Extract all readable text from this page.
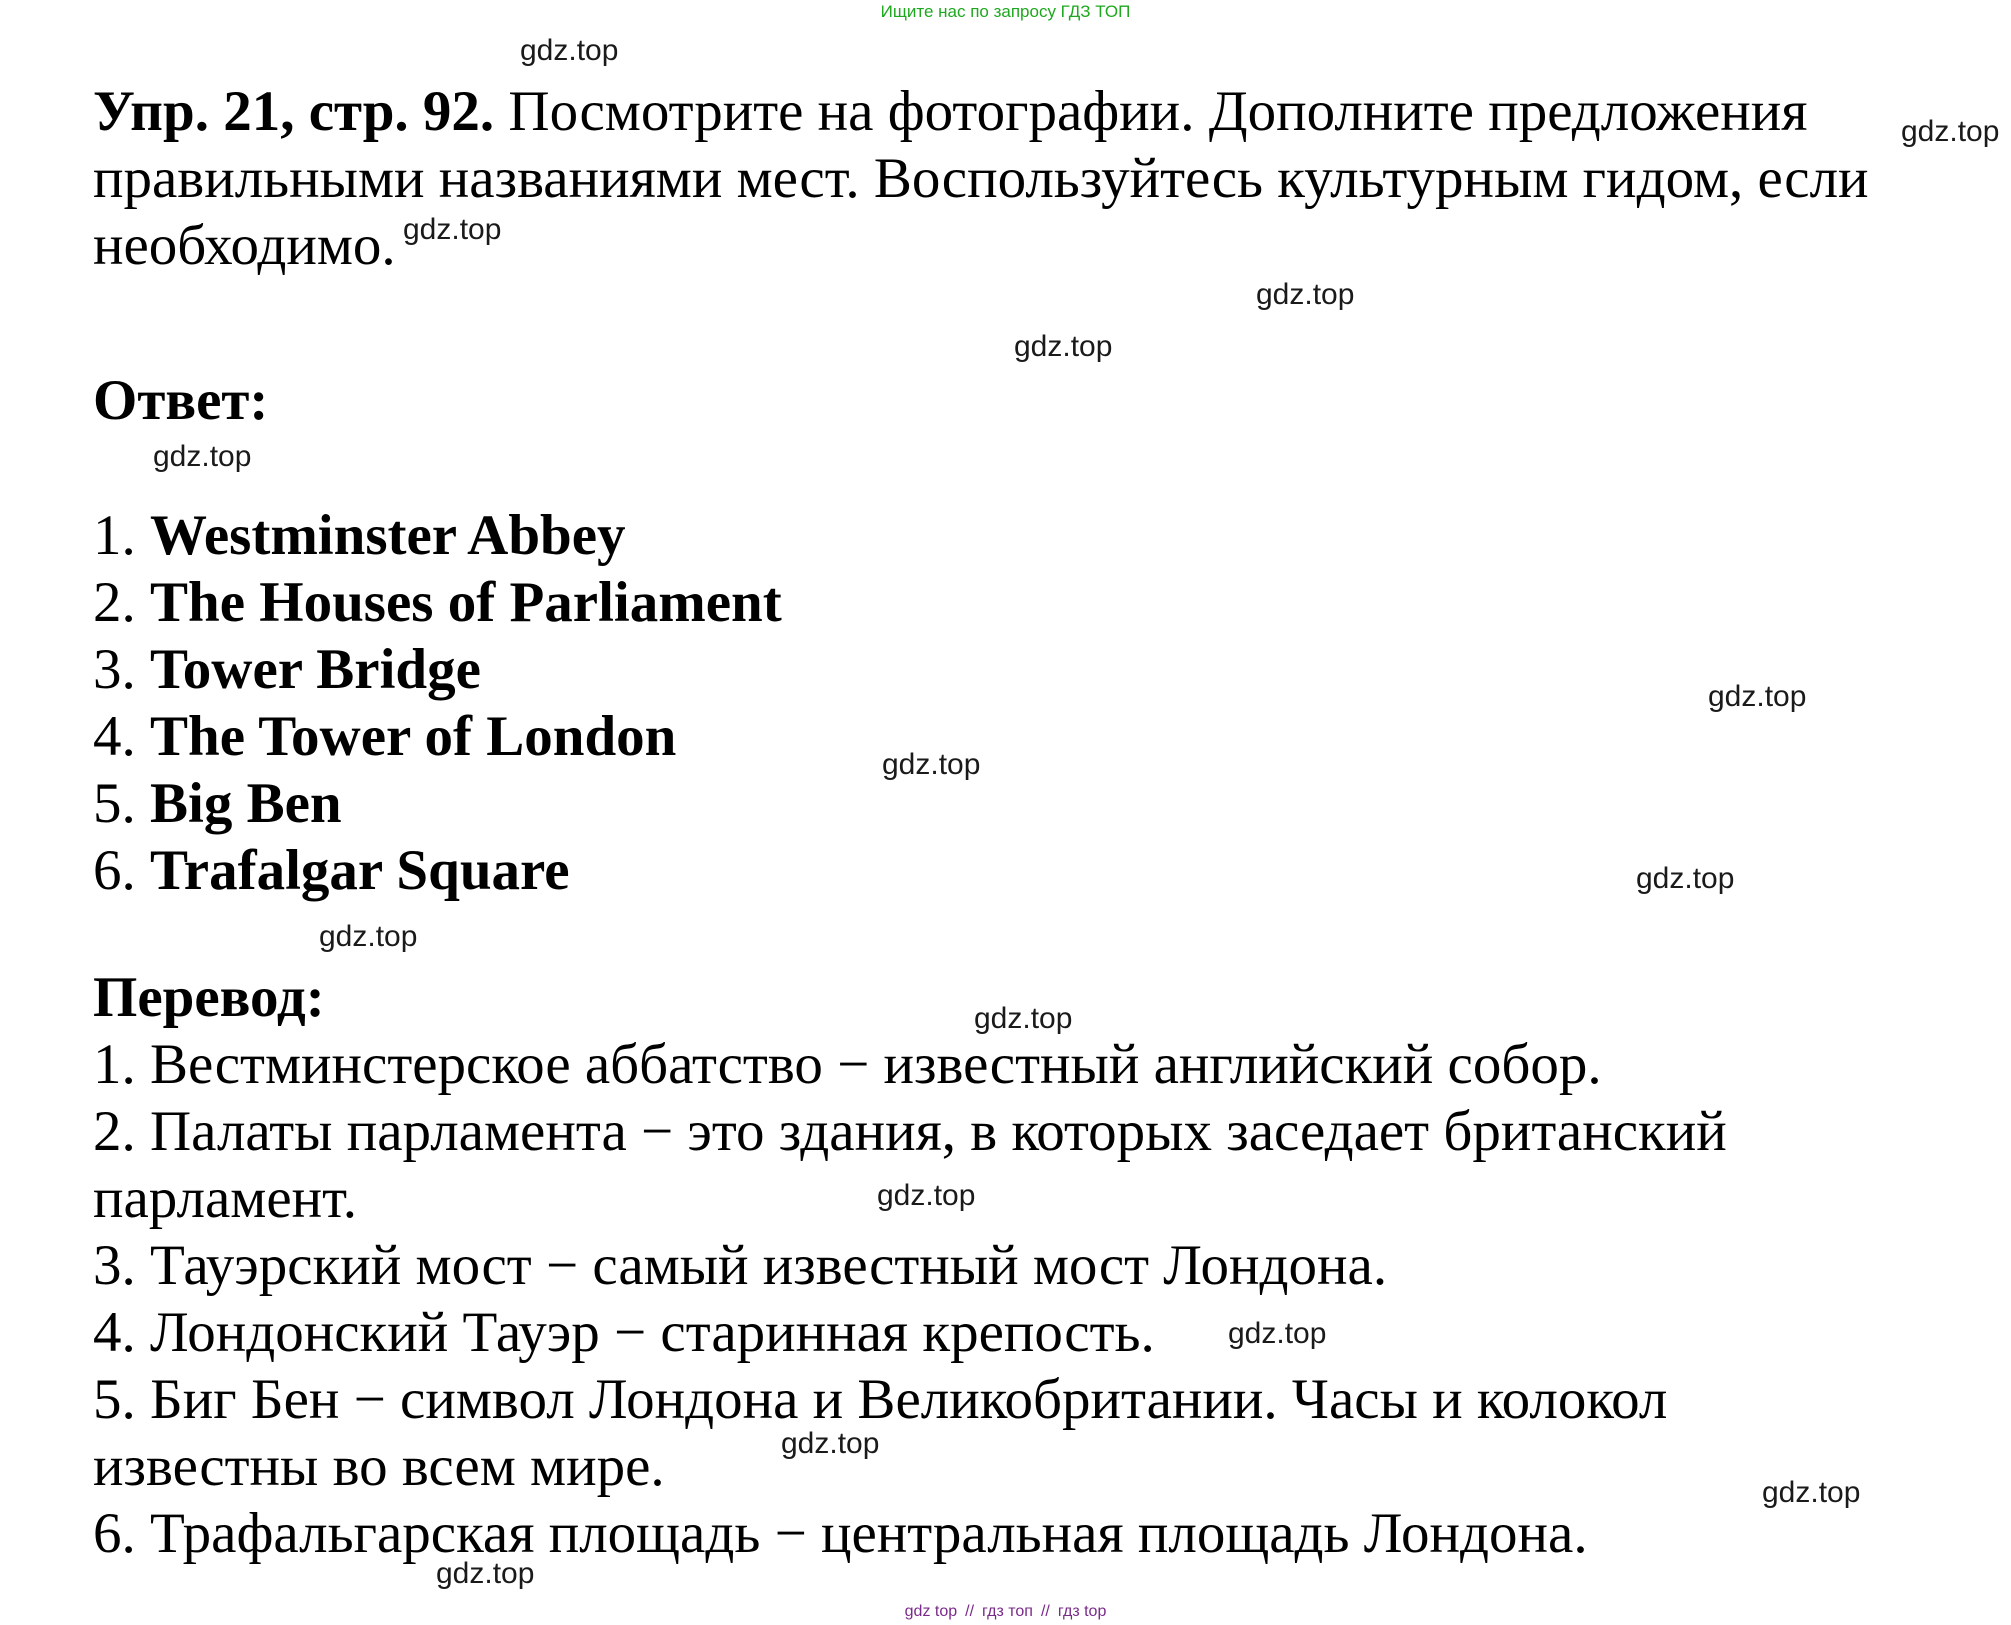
Ищите нас по запросу ГДЗ ТОП

Упр. 21, стр. 92. Посмотрите на фотографии. Дополните предложения правильными названиями мест. Воспользуйтесь культурным гидом, если необходимо.

Ответ:
1. Westminster Abbey
2. The Houses of Parliament
3. Tower Bridge
4. The Tower of London
5. Big Ben
6. Trafalgar Square
Перевод:
1. Вестминстерское аббатство − известный английский собор.
2. Палаты парламента − это здания, в которых заседает британский парламент.
3. Тауэрский мост − самый известный мост Лондона.
4. Лондонский Тауэр − старинная крепость.
5. Биг Бен − символ Лондона и Великобритании. Часы и колокол известны во всем мире.
6. Трафальгарская площадь − центральная площадь Лондона.
gdz.top
gdz.top
gdz.top
gdz.top
gdz.top
gdz.top
gdz.top
gdz.top
gdz.top
gdz.top
gdz.top
gdz.top
gdz.top
gdz.top
gdz.top
gdz.top
gdz top // гдз топ // гдз top
